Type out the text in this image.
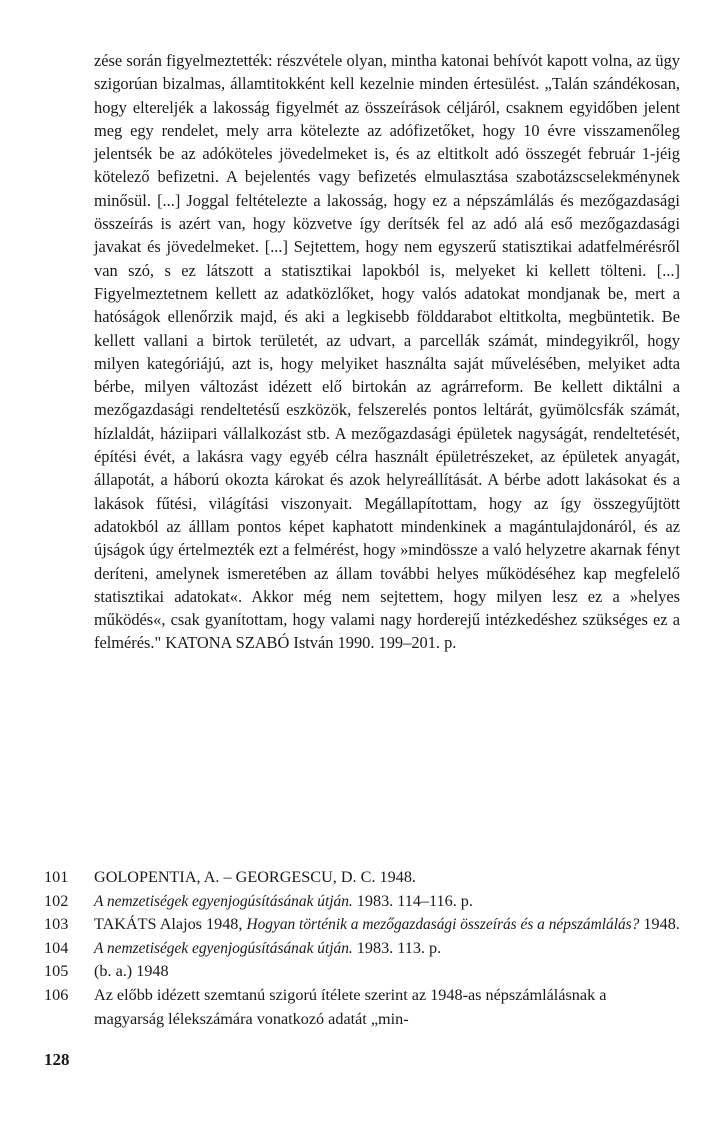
zése során figyelmeztették: részvétele olyan, mintha katonai behívót kapott volna, az ügy szigorúan bizalmas, államtitokként kell kezelnie minden értesülést. „Talán szándékosan, hogy eltereljék a lakosság figyelmét az összeírások céljáról, csaknem egyidőben jelent meg egy rendelet, mely arra kötelezte az adófizetőket, hogy 10 évre visszamenőleg jelentsék be az adóköteles jövedelmeket is, és az eltitkolt adó összegét február 1-jéig kötelező befizetni. A bejelentés vagy befizetés elmulasztása szabotázscselekménynek minősül. [...] Joggal feltételezte a lakosság, hogy ez a népszámlálás és mezőgazdasági összeírás is azért van, hogy közvetve így derítsék fel az adó alá eső mezőgazdasági javakat és jövedelmeket. [...] Sejtettem, hogy nem egyszerű statisztikai adatfelmérésről van szó, s ez látszott a statisztikai lapokból is, melyeket ki kellett tölteni. [...] Figyelmeztetnem kellett az adatközlőket, hogy valós adatokat mondjanak be, mert a hatóságok ellenőrzik majd, és aki a legkisebb földdarabot eltitkolta, megbüntetik. Be kellett vallani a birtok területét, az udvart, a parcellák számát, mindegyikről, hogy milyen kategóriájú, azt is, hogy melyiket használta saját művelésében, melyiket adta bérbe, milyen változást idézett elő birtokán az agrárreform. Be kellett diktálni a mezőgazdasági rendeltetésű eszközök, felszerelés pontos leltárát, gyümölcsfák számát, hízlaldát, háziipari vállalkozást stb. A mezőgazdasági épületek nagyságát, rendeltetését, építési évét, a lakásra vagy egyéb célra használt épületrészeket, az épületek anyagát, állapotát, a háború okozta károkat és azok helyreállítását. A bérbe adott lakásokat és a lakások fűtési, világítási viszonyait. Megállapítottam, hogy az így összegyűjtött adatokból az álllam pontos képet kaphatott mindenkinek a magántulajdonáról, és az újságok úgy értelmezték ezt a felmérést, hogy »mindössze a való helyzetre akarnak fényt deríteni, amelynek ismeretében az állam további helyes működéséhez kap megfelelő statisztikai adatokat«. Akkor még nem sejtettem, hogy milyen lesz ez a »helyes működés«, csak gyanítottam, hogy valami nagy horderejű intézkedéshez szükséges ez a felmérés." KATONA SZABÓ István 1990. 199–201. p.

101	GOLOPENTIA, A. – GEORGESCU, D. C. 1948.
102	A nemzetiségek egyenjogúsításának útján. 1983. 114–116. p.
103	TAKÁTS Alajos 1948, Hogyan történik a mezőgazdasági összeírás és a népszámlálás? 1948.
104	A nemzetiségek egyenjogúsításának útján. 1983. 113. p.
105	(b. a.) 1948
106	Az előbb idézett szemtanú szigorú ítélete szerint az 1948-as népszámlálásnak a magyarság lélekszámára vonatkozó adatát „min-
128
